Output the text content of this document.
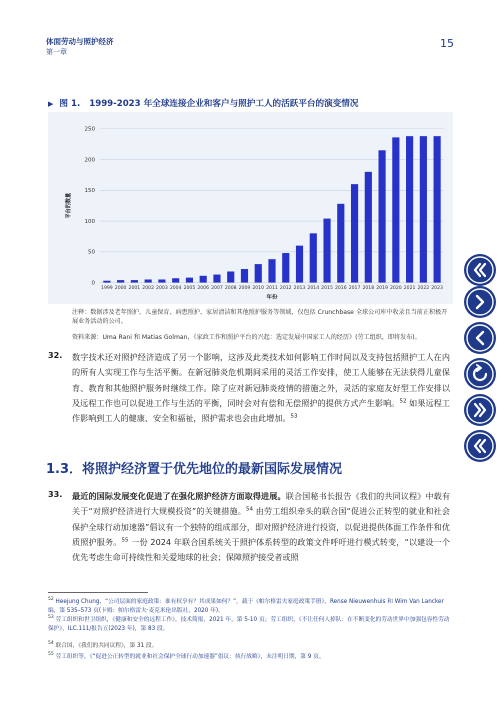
体面劳动与照护经济
第一章
15
▶ 图 1. 1999-2023 年全球连接企业和客户与照护工人的活跃平台的演变情况
0
50
100
150
200
250
平台的数量
1999 2000 2001 2002 2003 2004 2005 2006 2007 2008 2009 2010 2011 2012 2013 2014 2015 2016 2017 2018 2019 2020 2021 2022 2023
年份
注释：数据涉及老年照护、儿童保育、病患照护、家居清洁和其他照护服务等领域，仅包括 Crunchbase 全球公司库中收录且当前正积极开展业务活动的公司。
资料来源：Uma Rani 和 Matias Golman，《家政工作和照护平台的兴起：选定发展中国家工人的经历》(劳工组织，即将发布)。
32. 数字技术还对照护经济造成了另一个影响，这涉及此类技术如何影响工作时间以及支持包括照护工人在内的所有人实现工作与生活平衡。在新冠肺炎危机期间采用的灵活工作安排，使工人能够在无法获得儿童保育、教育和其他照护服务时继续工作。除了应对新冠肺炎疫情的措施之外，灵活的家庭友好型工作安排以及远程工作也可以促进工作与生活的平衡，同时会对有偿和无偿照护的提供方式产生影响。$^{52}$ 如果远程工作影响到工人的健康、安全和福祉，照护需求也会由此增加。$^{53}$
1.3．将照护经济置于优先地位的最新国际发展情况
33. 最近的国际发展变化促进了在强化照护经济方面取得进展。联合国秘书长报告《我们的共同议程》中载有关于“对照护经济进行大规模投资”的关键措施。$^{54}$ 由劳工组织牵头的联合国“促进公正转型的就业和社会保护全球行动加速器”倡议有一个独特的组成部分，即对照护经济进行投资，以促进提供体面工作条件和优质照护服务。$^{55}$ 一份 2024 年联合国系统关于照护体系转型的政策文件呼吁进行模式转变，“以建设一个优先考虑生命可持续性和关爱地球的社会；保障照护接受者或照
$^{52}$ Heejung Chung，“公司层面的家庭政策：谁有权享有？其成果如何？”，载于《帕尔格雷夫家庭政策手册》，Rense Nieuwenhuis 和 Wim Van Lancker 编，第 535–573 页(卡姆：帕尔格雷夫·麦克米伦出版社，2020 年)。
$^{53}$ 劳工组织和世卫组织，《健康和安全的远程工作》，技术简报，2021 年，第 5-10 页；劳工组织，《不让任何人掉队：在不断变化的劳动世界中加强包容性劳动保护》，ILC.111/报告五(2023 年)，第 83 段。
$^{54}$ 联合国，《我们的共同议程》，第 31 段。
$^{55}$ 劳工组织等，《“促进公正转型的就业和社会保护全球行动加速器”倡议：执行战略》，未注明日期，第 9 页。
